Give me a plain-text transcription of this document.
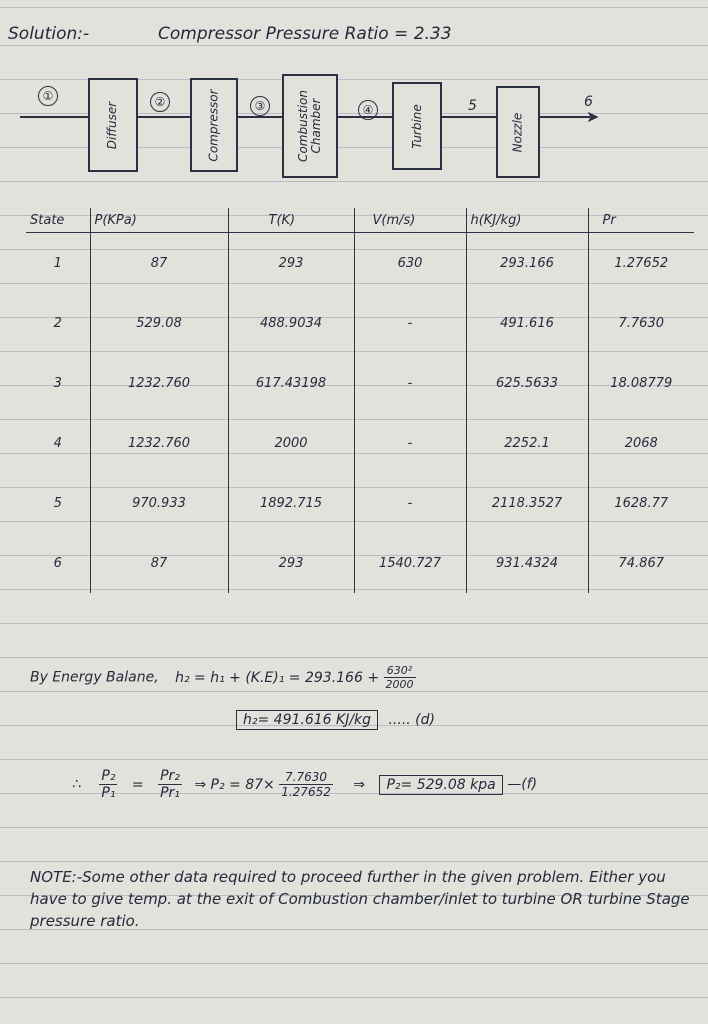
Solution:-	Compressor Pressure Ratio = 2.33
➤
①
Diffuser	②	Compressor	③	Combustion Chamber	④	Turbine	5
Nozzle
6
State	P(KPa)	T(K)	V(m/s)	h(KJ/kg)	Pr
1	87	293	630	293.166	1.27652
2	529.08	488.9034	-	491.616	7.7630
3	1232.760	617.43198	-	625.5633	18.08779
4	1232.760	2000	-	2252.1	2068
5	970.933	1892.715	-	2118.3527	1628.77
6	87	293	1540.727	931.4324	74.867
By Energy Balane, $h_2 = h_1 + (K.E)_1 = 293.166 + \frac{\text{630²}}{2000}$
h₂= 491.616 KJ/kg ..... (d)
∴ $\frac{\text{P₂}}{\text{P₁}} = \frac{\text{Pr₂}}{\text{Pr₁}}$ ⇒ $P_2 = 87\times \frac{7.7630}{1.27652}$ ⇒ P₂= 529.08 kpa —(f)
NOTE:-Some other data required to proceed further in the given problem. Either you have to give temp. at the exit of Combustion chamber/inlet to turbine OR turbine Stage pressure ratio.
